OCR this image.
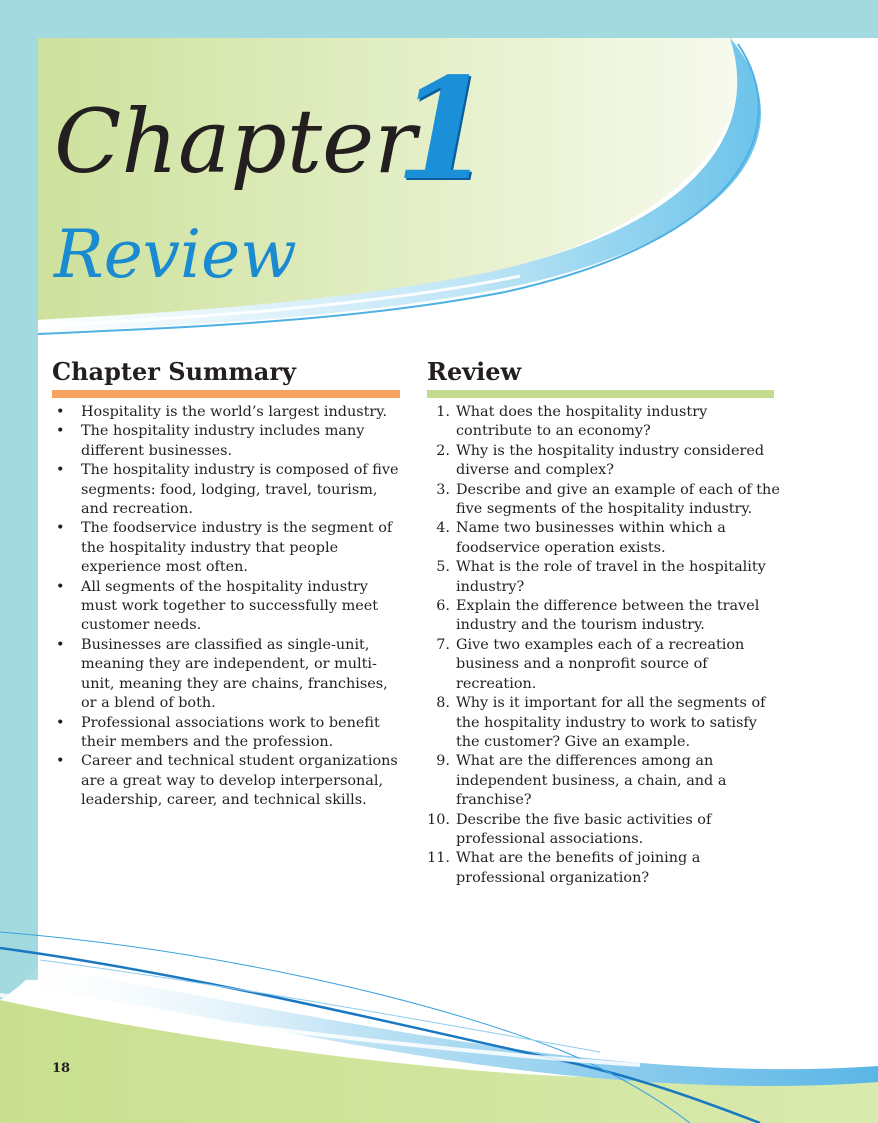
Chapter
1
Review
Chapter Summary	Review
• Hospitality is the world’s largest industry.
• The hospitality industry includes many different businesses.
• The hospitality industry is composed of five segments: food, lodging, travel, tourism, and recreation.
• The foodservice industry is the segment of the hospitality industry that people experience most often.
• All segments of the hospitality industry must work together to successfully meet customer needs.
• Businesses are classified as single-unit, meaning they are independent, or multi-unit, meaning they are chains, franchises, or a blend of both.
• Professional associations work to benefit their members and the profession.
• Career and technical student organizations are a great way to develop interpersonal, leadership, career, and technical skills.
1. What does the hospitality industry contribute to an economy?
2. Why is the hospitality industry considered diverse and complex?
3. Describe and give an example of each of the five segments of the hospitality industry.
4. Name two businesses within which a foodservice operation exists.
5. What is the role of travel in the hospitality industry?
6. Explain the difference between the travel industry and the tourism industry.
7. Give two examples each of a recreation business and a nonprofit source of recreation.
8. Why is it important for all the segments of the hospitality industry to work to satisfy the customer? Give an example.
9. What are the differences among an independent business, a chain, and a franchise?
10. Describe the five basic activities of professional associations.
11. What are the benefits of joining a professional organization?
18
